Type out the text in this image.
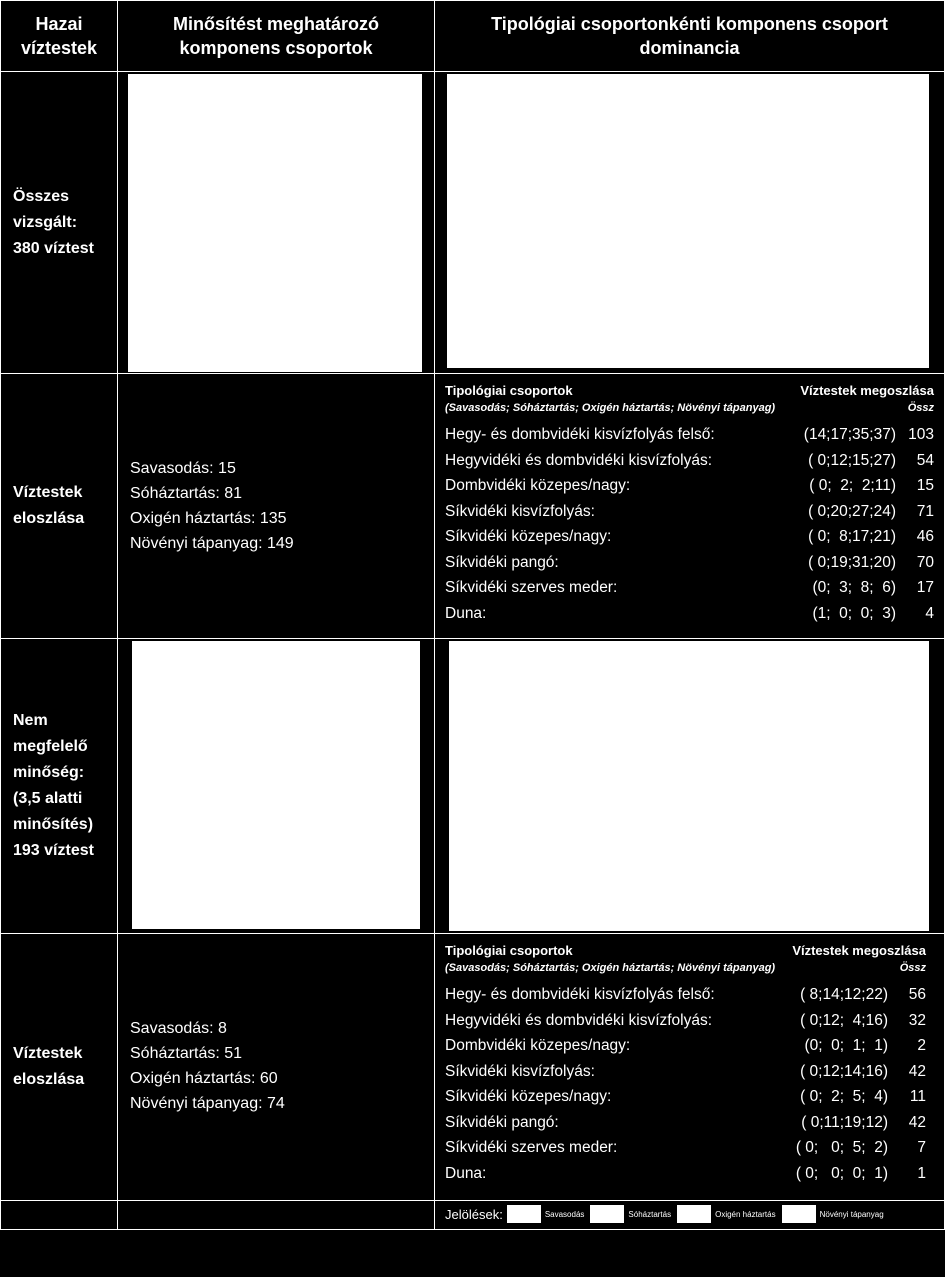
Hazai víztestek
Minősítést meghatározó komponens csoportok
Tipológiai csoportonkénti komponens csoport dominancia
Összes vizsgált: 380 víztest
Víztestek eloszlása
Savasodás: 15
Sóháztartás: 81
Oxigén háztartás: 135
Növényi tápanyag: 149
Tipológiai csoportok	Víztestek megoszlása
(Savasodás; Sóháztartás; Oxigén háztartás; Növényi tápanyag)	Össz
Hegy- és dombvidéki kisvízfolyás felső:	(14;17;35;37) 103
Hegyvidéki és dombvidéki kisvízfolyás:	( 0;12;15;27)	54
Dombvidéki közepes/nagy:	( 0;  2;  2;11)	15
Síkvidéki kisvízfolyás:	( 0;20;27;24)	71
Síkvidéki közepes/nagy:	( 0;  8;17;21)	46
Síkvidéki pangó:	( 0;19;31;20)	70
Síkvidéki szerves meder:	(0;  3;  8;  6)	17
Duna:	(1;  0;  0;  3)	4
Nem megfelelő minőség: (3,5 alatti minősítés) 193 víztest
Víztestek eloszlása
Savasodás: 8
Sóháztartás: 51
Oxigén háztartás: 60
Növényi tápanyag: 74
Tipológiai csoportok	Víztestek megoszlása
(Savasodás; Sóháztartás; Oxigén háztartás; Növényi tápanyag)	Össz
Hegy- és dombvidéki kisvízfolyás felső:	( 8;14;12;22)	56
Hegyvidéki és dombvidéki kisvízfolyás:	( 0;12;  4;16)	32
Dombvidéki közepes/nagy:	(0;  0;  1;  1)	2
Síkvidéki kisvízfolyás:	( 0;12;14;16)	42
Síkvidéki közepes/nagy:	( 0;  2;  5;  4)	11
Síkvidéki pangó:	( 0;11;19;12)	42
Síkvidéki szerves meder:	( 0;   0;  5;  2)	7
Duna:	( 0;   0;  0;  1)	1
Jelölések:	Savasodás	Sóháztartás	Oxigén háztartás	Növényi tápanyag
